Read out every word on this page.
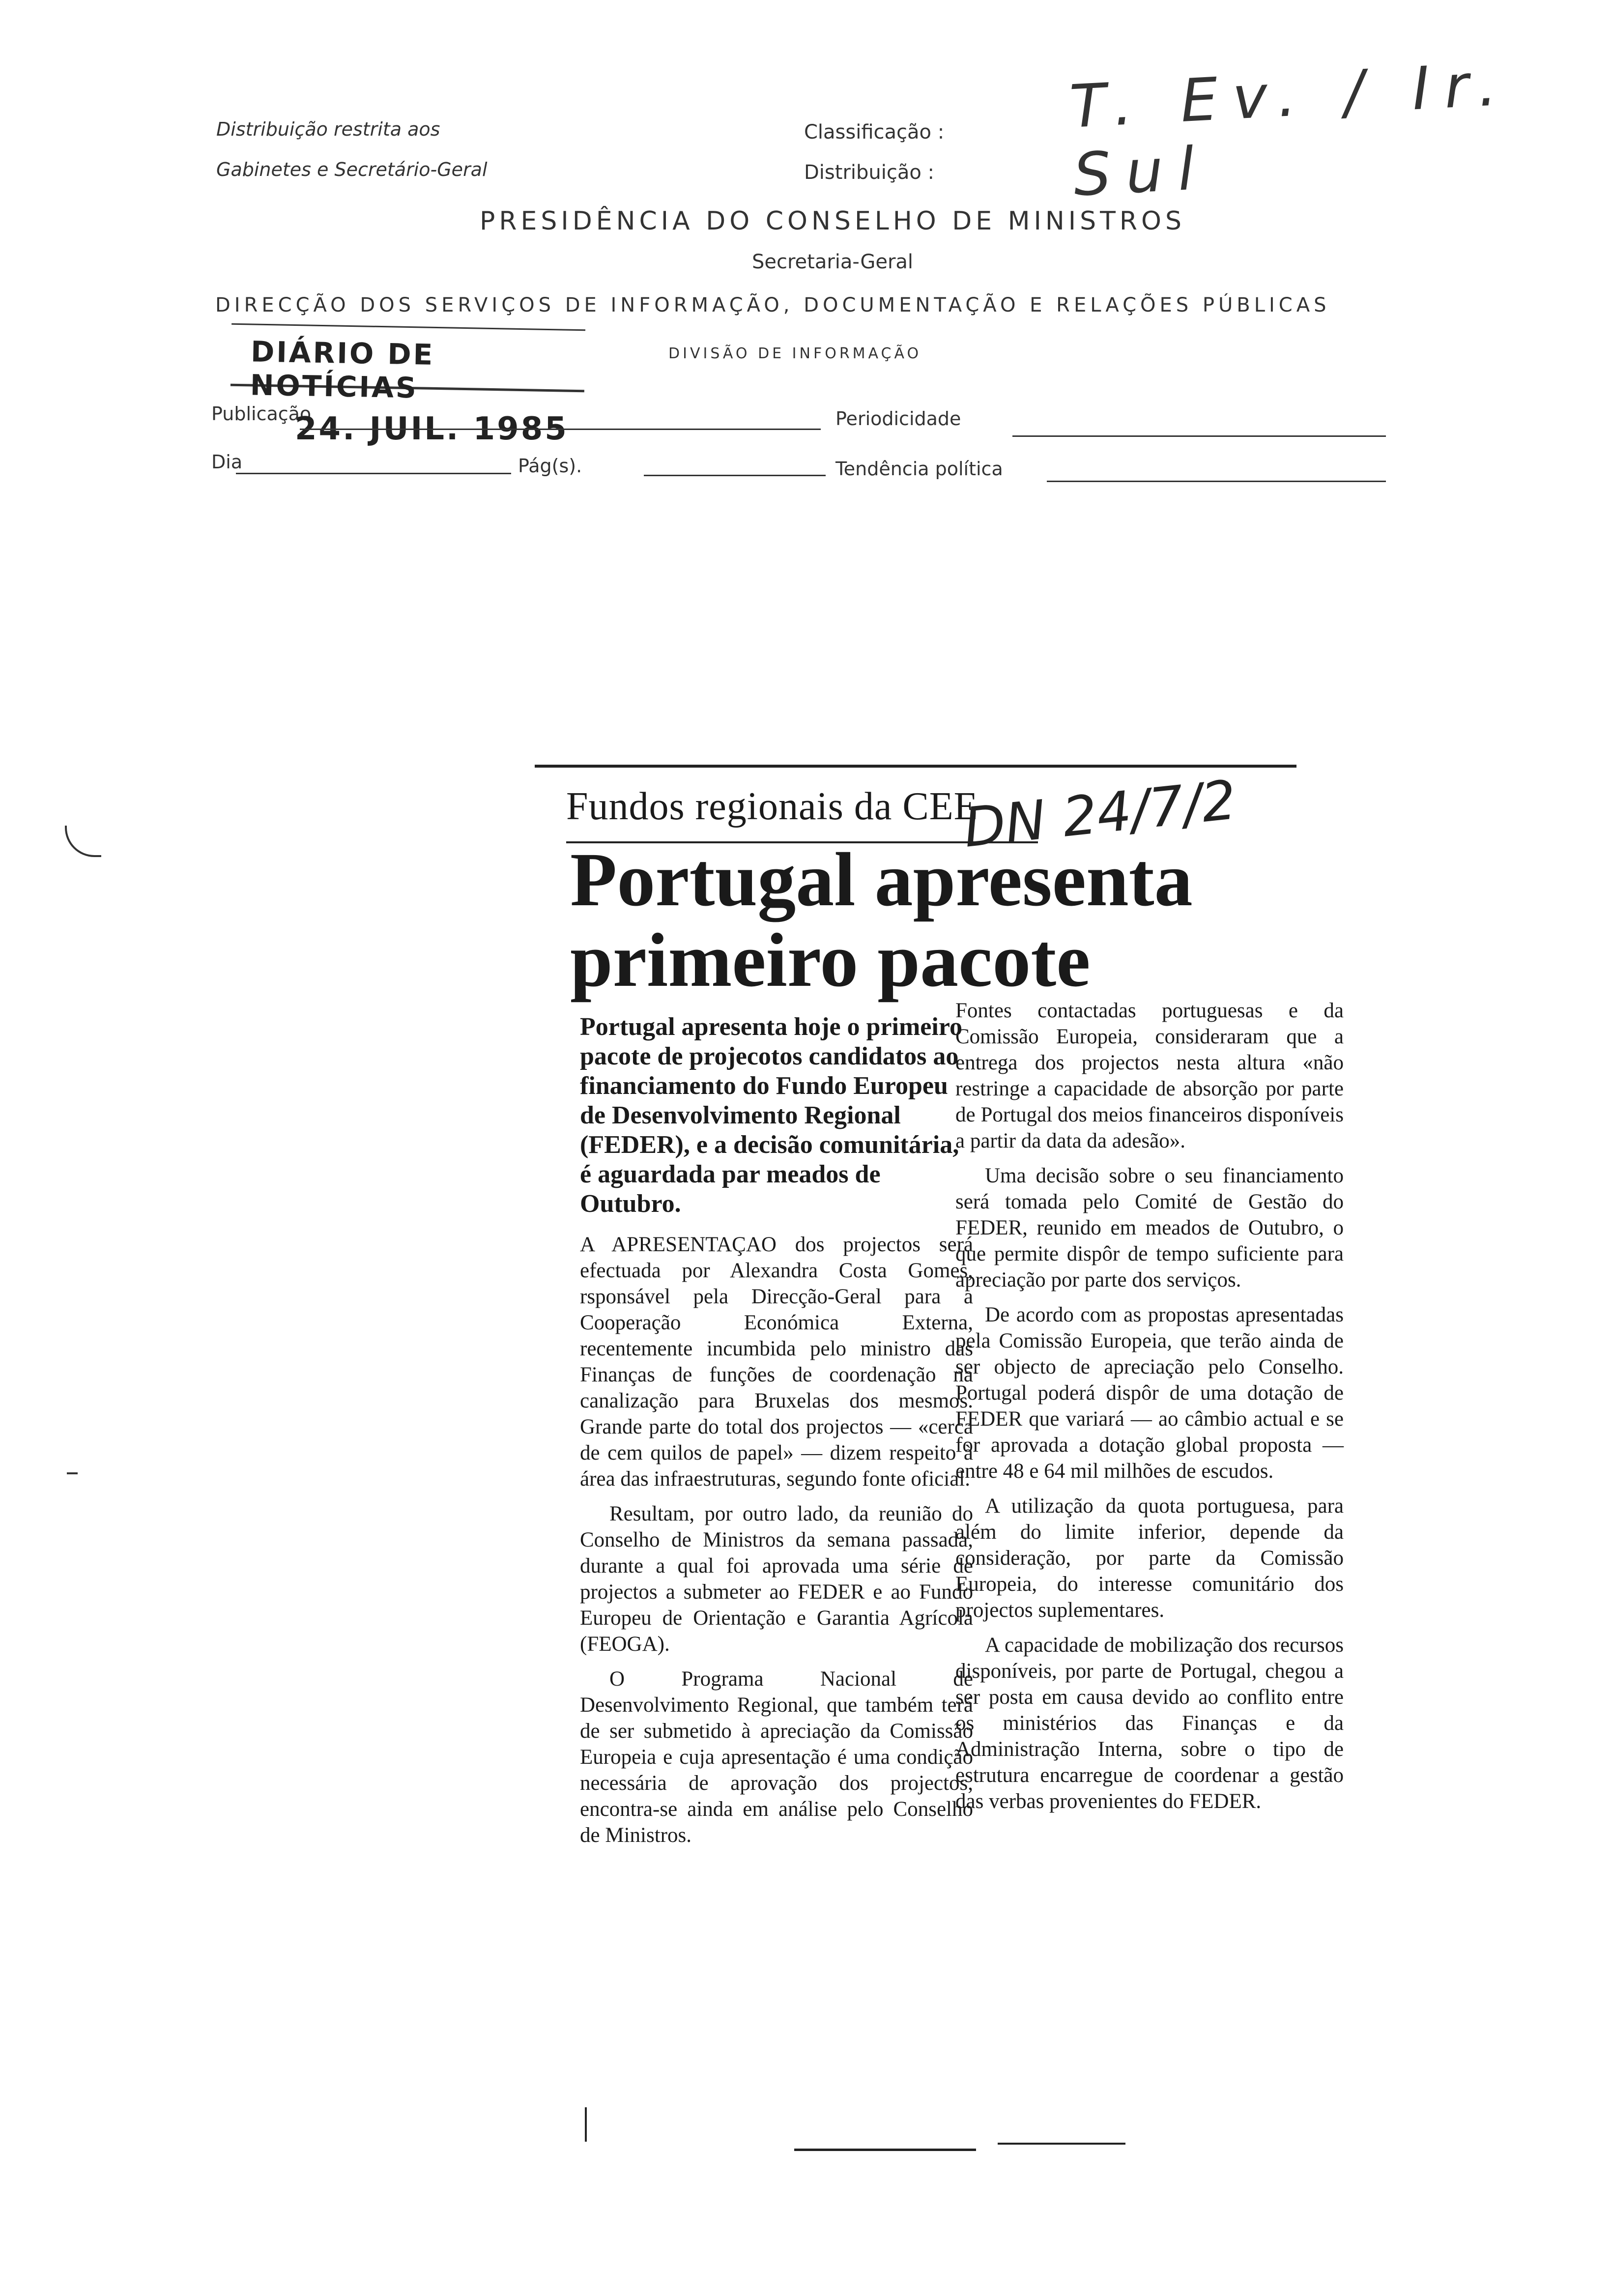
Distribuição restrita aos
Gabinetes e Secretário-Geral
Classificação :
Distribuição :
T. Ev. / Ir. Sul
PRESIDÊNCIA DO CONSELHO DE MINISTROS
Secretaria-Geral
DIRECÇÃO DOS SERVIÇOS DE INFORMAÇÃO, DOCUMENTAÇÃO E RELAÇÕES PÚBLICAS
DIÁRIO DE NOTÍCIAS
DIVISÃO DE INFORMAÇÃO
Publicação
24. JUIL. 1985	Periodicidade
Dia	Pág(s).	Tendência política
Fundos regionais da CEE
DN 24/7/2
Portugal apresenta
primeiro pacote

Portugal apresenta hoje o primeiro pacote de projecotos candidatos ao financiamento do Fundo Europeu de Desenvolvimento Regional (FEDER), e a decisão comunitária, é aguardada par meados de Outubro.

A APRESENTAÇAO dos projectos será efectuada por Alexandra Costa Gomes, rsponsável pela Direcção-Geral para a Cooperação Económica Externa, recentemente incumbida pelo ministro das Finanças de funções de coordenação na canalização para Bruxelas dos mesmos. Grande parte do total dos projectos — «cerca de cem quilos de papel» — dizem respeito à área das infraestruturas, segundo fonte oficial.

Resultam, por outro lado, da reunião do Conselho de Ministros da semana passada, durante a qual foi aprovada uma série de projectos a submeter ao FEDER e ao Fundo Europeu de Orientação e Garantia Agrícola (FEOGA).

O Programa Nacional de Desenvolvimento Regional, que também terá de ser submetido à apreciação da Comissão Europeia e cuja apresentação é uma condição necessária de aprovação dos projectos, encontra-se ainda em análise pelo Conselho de Ministros.

Fontes contactadas portuguesas e da Comissão Europeia, consideraram que a entrega dos projectos nesta altura «não restringe a capacidade de absorção por parte de Portugal dos meios financeiros disponíveis a partir da data da adesão».

Uma decisão sobre o seu financiamento será tomada pelo Comité de Gestão do FEDER, reunido em meados de Outubro, o que permite dispôr de tempo suficiente para apreciação por parte dos serviços.

De acordo com as propostas apresentadas pela Comissão Europeia, que terão ainda de ser objecto de apreciação pelo Conselho. Portugal poderá dispôr de uma dotação de FEDER que variará — ao câmbio actual e se for aprovada a dotação global proposta — entre 48 e 64 mil milhões de escudos.

A utilização da quota portuguesa, para além do limite inferior, depende da consideração, por parte da Comissão Europeia, do interesse comunitário dos projectos suplementares.

A capacidade de mobilização dos recursos disponíveis, por parte de Portugal, chegou a ser posta em causa devido ao conflito entre os ministérios das Finanças e da Administração Interna, sobre o tipo de estrutura encarregue de coordenar a gestão das verbas provenientes do FEDER.
